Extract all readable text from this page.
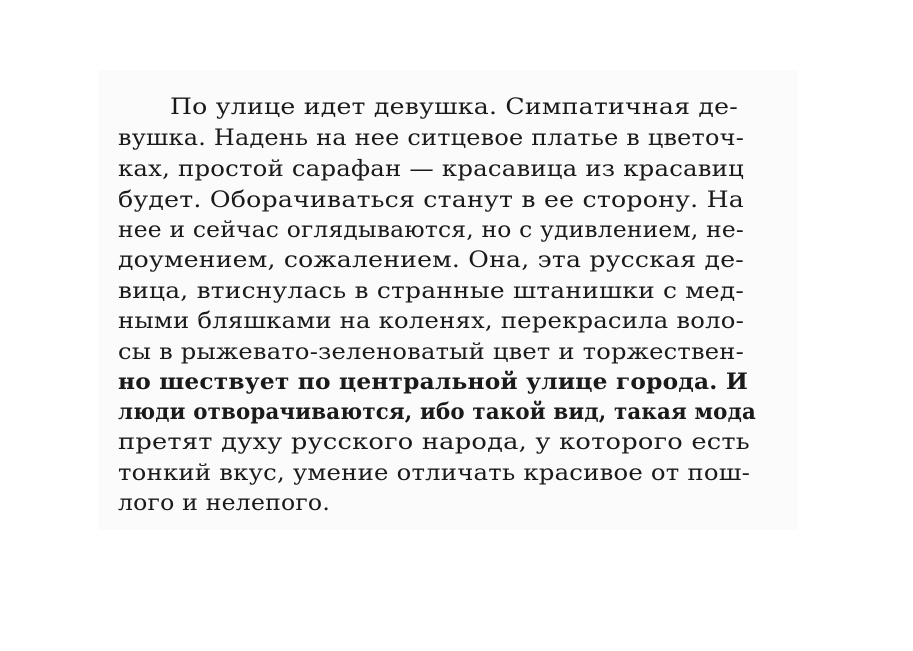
По улице идет девушка. Симпатичная де-
вушка. Надень на нее ситцевое платье в цветоч-
ках, простой сарафан — красавица из красавиц
будет. Оборачиваться станут в ее сторону. На
нее и сейчас оглядываются, но с удивлением, не-
доумением, сожалением. Она, эта русская де-
вица, втиснулась в странные штанишки с мед-
ными бляшками на коленях, перекрасила воло-
сы в рыжевато-зеленоватый цвет и торжествен-
но шествует по центральной улице города. И
люди отворачиваются, ибо такой вид, такая мода
претят духу русского народа, у которого есть
тонкий вкус, умение отличать красивое от пош-
лого и нелепого.
